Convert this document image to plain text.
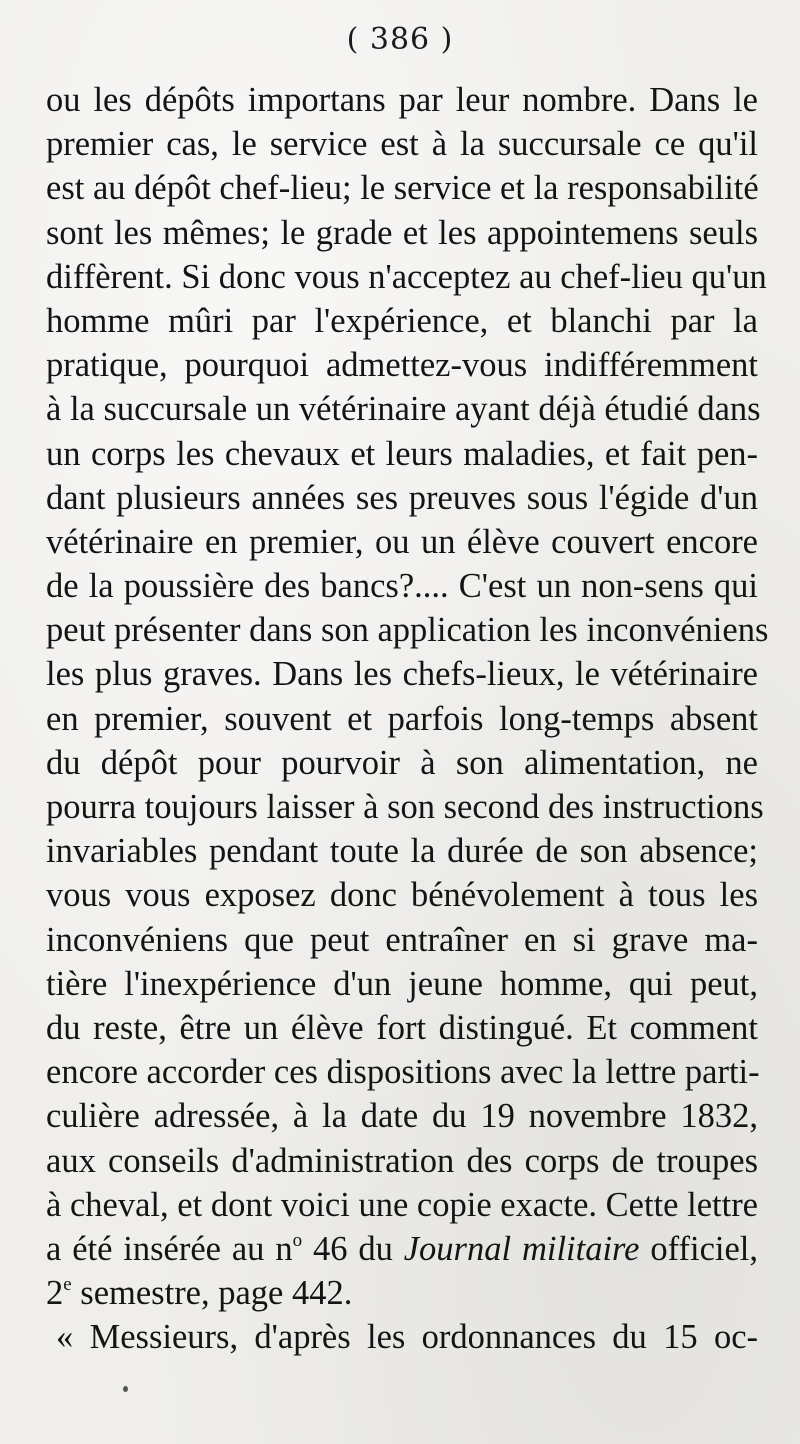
( 386 )
ou les dépôts importans par leur nombre. Dans le
premier cas, le service est à la succursale ce qu'il
est au dépôt chef-lieu; le service et la responsabilité
sont les mêmes; le grade et les appointemens seuls
diffèrent. Si donc vous n'acceptez au chef-lieu qu'un
homme mûri par l'expérience, et blanchi par la
pratique, pourquoi admettez-vous indifféremment
à la succursale un vétérinaire ayant déjà étudié dans
un corps les chevaux et leurs maladies, et fait pen-
dant plusieurs années ses preuves sous l'égide d'un
vétérinaire en premier, ou un élève couvert encore
de la poussière des bancs?.... C'est un non-sens qui
peut présenter dans son application les inconvéniens
les plus graves. Dans les chefs-lieux, le vétérinaire
en premier, souvent et parfois long-temps absent
du dépôt pour pourvoir à son alimentation, ne
pourra toujours laisser à son second des instructions
invariables pendant toute la durée de son absence;
vous vous exposez donc bénévolement à tous les
inconvéniens que peut entraîner en si grave ma-
tière l'inexpérience d'un jeune homme, qui peut,
du reste, être un élève fort distingué. Et comment
encore accorder ces dispositions avec la lettre parti-
culière adressée, à la date du 19 novembre 1832,
aux conseils d'administration des corps de troupes
à cheval, et dont voici une copie exacte. Cette lettre
a été insérée au $n^o$ 46 du Journal militaire officiel,
2e semestre, page 442.
« Messieurs, d'après les ordonnances du 15 oc-
